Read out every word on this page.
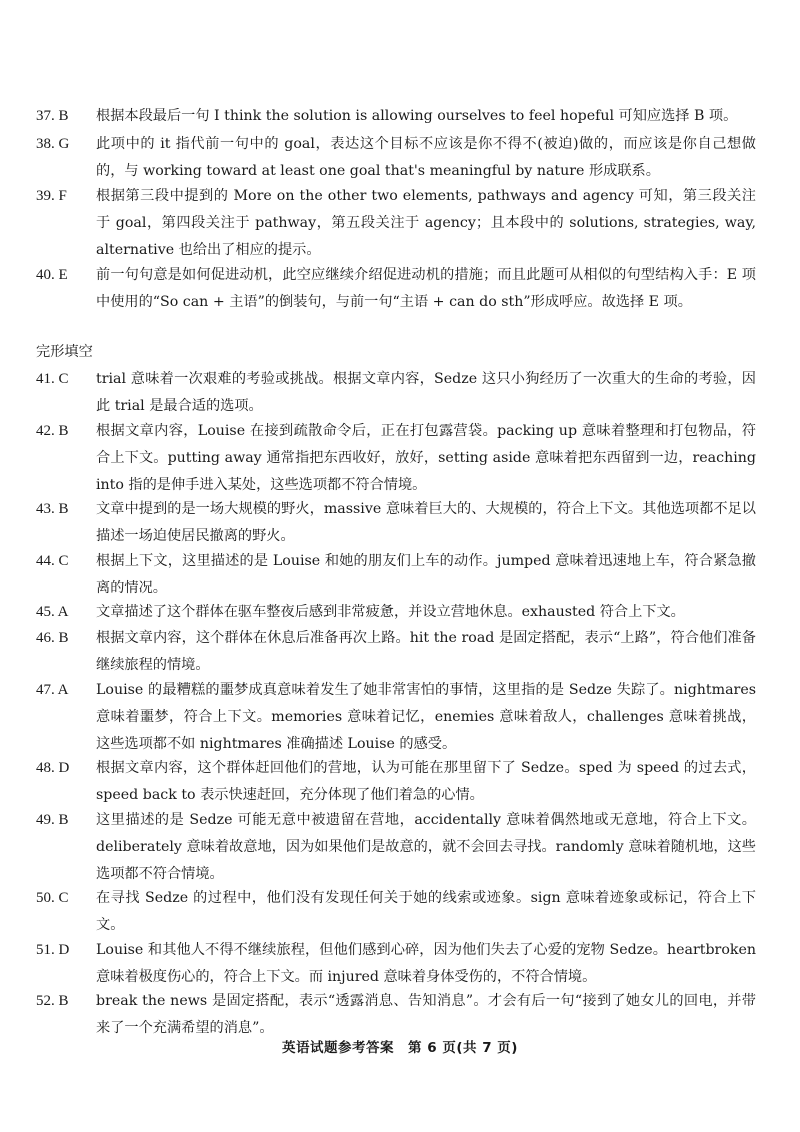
37. B	根据本段最后一句 I think the solution is allowing ourselves to feel hopeful 可知应选择 B 项。
38. G	此项中的 it 指代前一句中的 goal，表达这个目标不应该是你不得不(被迫)做的，而应该是你自己想做的，与 working toward at least one goal that's meaningful by nature 形成联系。
39. F	根据第三段中提到的 More on the other two elements, pathways and agency 可知，第三段关注于 goal，第四段关注于 pathway，第五段关注于 agency；且本段中的 solutions, strategies, way, alternative 也给出了相应的提示。
40. E	前一句句意是如何促进动机，此空应继续介绍促进动机的措施；而且此题可从相似的句型结构入手：E 项中使用的“So can + 主语”的倒装句，与前一句“主语 + can do sth”形成呼应。故选择 E 项。
完形填空
41. C	trial 意味着一次艰难的考验或挑战。根据文章内容，Sedze 这只小狗经历了一次重大的生命的考验，因此 trial 是最合适的选项。
42. B	根据文章内容，Louise 在接到疏散命令后，正在打包露营袋。packing up 意味着整理和打包物品，符合上下文。putting away 通常指把东西收好，放好，setting aside 意味着把东西留到一边，reaching into 指的是伸手进入某处，这些选项都不符合情境。
43. B	文章中提到的是一场大规模的野火，massive 意味着巨大的、大规模的，符合上下文。其他选项都不足以描述一场迫使居民撤离的野火。
44. C	根据上下文，这里描述的是 Louise 和她的朋友们上车的动作。jumped 意味着迅速地上车，符合紧急撤离的情况。
45. A	文章描述了这个群体在驱车整夜后感到非常疲惫，并设立营地休息。exhausted 符合上下文。
46. B	根据文章内容，这个群体在休息后准备再次上路。hit the road 是固定搭配，表示“上路”，符合他们准备继续旅程的情境。
47. A	Louise 的最糟糕的噩梦成真意味着发生了她非常害怕的事情，这里指的是 Sedze 失踪了。nightmares 意味着噩梦，符合上下文。memories 意味着记忆，enemies 意味着敌人，challenges 意味着挑战，这些选项都不如 nightmares 准确描述 Louise 的感受。
48. D	根据文章内容，这个群体赶回他们的营地，认为可能在那里留下了 Sedze。sped 为 speed 的过去式，speed back to 表示快速赶回，充分体现了他们着急的心情。
49. B	这里描述的是 Sedze 可能无意中被遗留在营地，accidentally 意味着偶然地或无意地，符合上下文。deliberately 意味着故意地，因为如果他们是故意的，就不会回去寻找。randomly 意味着随机地，这些选项都不符合情境。
50. C	在寻找 Sedze 的过程中，他们没有发现任何关于她的线索或迹象。sign 意味着迹象或标记，符合上下文。
51. D	Louise 和其他人不得不继续旅程，但他们感到心碎，因为他们失去了心爱的宠物 Sedze。heartbroken 意味着极度伤心的，符合上下文。而 injured 意味着身体受伤的，不符合情境。
52. B	break the news 是固定搭配，表示“透露消息、告知消息”。才会有后一句“接到了她女儿的回电，并带来了一个充满希望的消息”。
英语试题参考答案　第 6 页(共 7 页)
